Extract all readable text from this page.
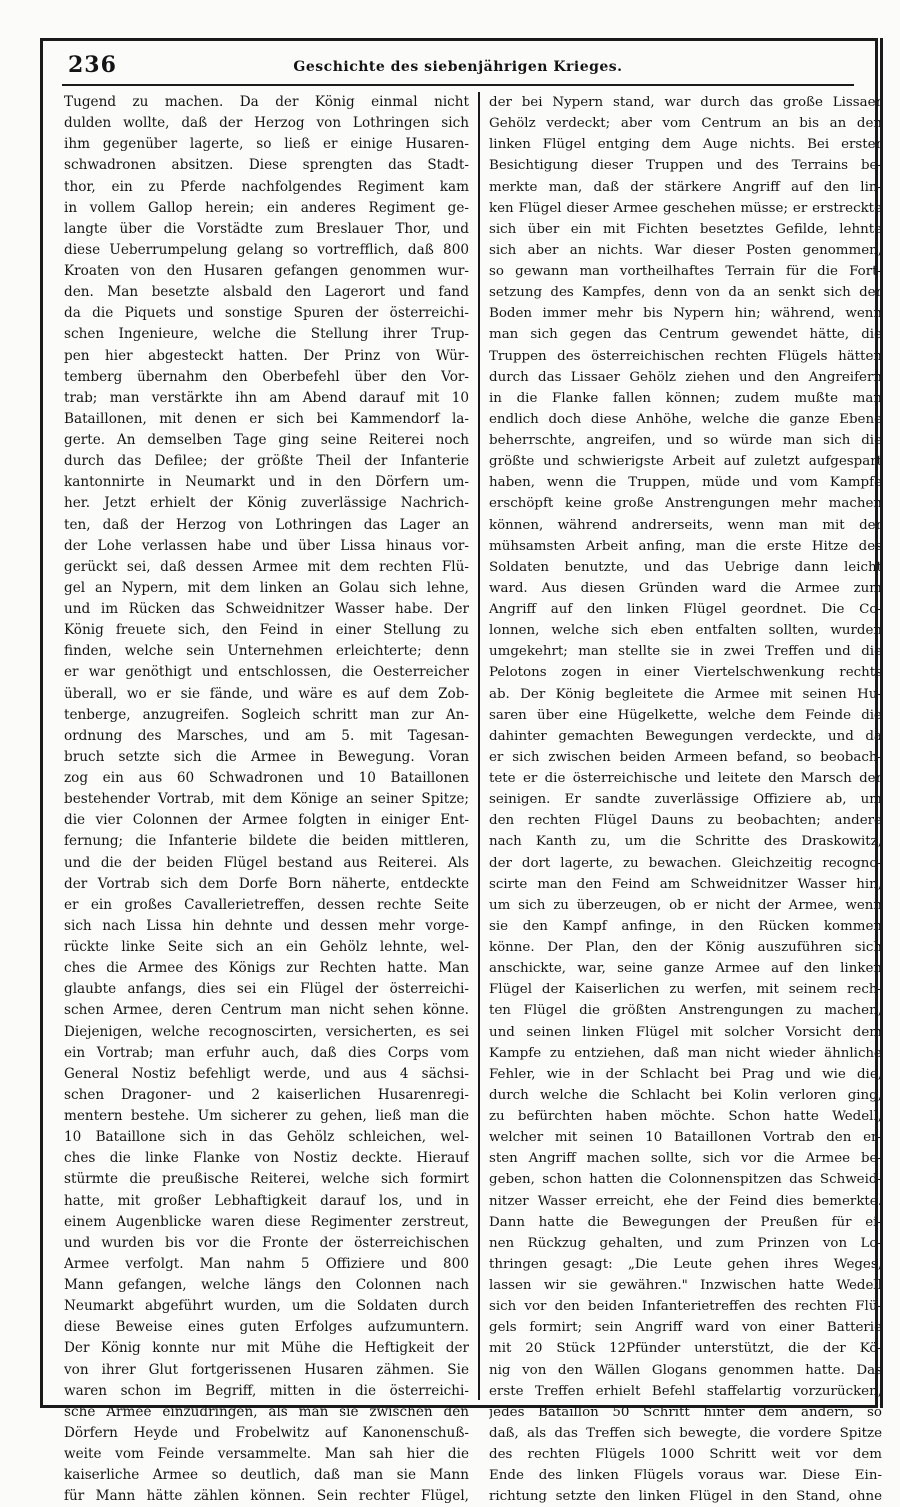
236	Geschichte des siebenjährigen Krieges.
Tugend zu machen. Da der König einmal nicht
dulden wollte, daß der Herzog von Lothringen sich
ihm gegenüber lagerte, so ließ er einige Husaren-
schwadronen absitzen. Diese sprengten das Stadt-
thor, ein zu Pferde nachfolgendes Regiment kam
in vollem Gallop herein; ein anderes Regiment ge-
langte über die Vorstädte zum Breslauer Thor, und
diese Ueberrumpelung gelang so vortrefflich, daß 800
Kroaten von den Husaren gefangen genommen wur-
den. Man besetzte alsbald den Lagerort und fand
da die Piquets und sonstige Spuren der österreichi-
schen Ingenieure, welche die Stellung ihrer Trup-
pen hier abgesteckt hatten. Der Prinz von Wür-
temberg übernahm den Oberbefehl über den Vor-
trab; man verstärkte ihn am Abend darauf mit 10
Bataillonen, mit denen er sich bei Kammendorf la-
gerte. An demselben Tage ging seine Reiterei noch
durch das Defilee; der größte Theil der Infanterie
kantonnirte in Neumarkt und in den Dörfern um-
her. Jetzt erhielt der König zuverlässige Nachrich-
ten, daß der Herzog von Lothringen das Lager an
der Lohe verlassen habe und über Lissa hinaus vor-
gerückt sei, daß dessen Armee mit dem rechten Flü-
gel an Nypern, mit dem linken an Golau sich lehne,
und im Rücken das Schweidnitzer Wasser habe. Der
König freuete sich, den Feind in einer Stellung zu
finden, welche sein Unternehmen erleichterte; denn
er war genöthigt und entschlossen, die Oesterreicher
überall, wo er sie fände, und wäre es auf dem Zob-
tenberge, anzugreifen. Sogleich schritt man zur An-
ordnung des Marsches, und am 5. mit Tagesan-
bruch setzte sich die Armee in Bewegung. Voran
zog ein aus 60 Schwadronen und 10 Bataillonen
bestehender Vortrab, mit dem Könige an seiner Spitze;
die vier Colonnen der Armee folgten in einiger Ent-
fernung; die Infanterie bildete die beiden mittleren,
und die der beiden Flügel bestand aus Reiterei. Als
der Vortrab sich dem Dorfe Born näherte, entdeckte
er ein großes Cavallerietreffen, dessen rechte Seite
sich nach Lissa hin dehnte und dessen mehr vorge-
rückte linke Seite sich an ein Gehölz lehnte, wel-
ches die Armee des Königs zur Rechten hatte. Man
glaubte anfangs, dies sei ein Flügel der österreichi-
schen Armee, deren Centrum man nicht sehen könne.
Diejenigen, welche recognoscirten, versicherten, es sei
ein Vortrab; man erfuhr auch, daß dies Corps vom
General Nostiz befehligt werde, und aus 4 sächsi-
schen Dragoner- und 2 kaiserlichen Husarenregi-
mentern bestehe. Um sicherer zu gehen, ließ man die
10 Bataillone sich in das Gehölz schleichen, wel-
ches die linke Flanke von Nostiz deckte. Hierauf
stürmte die preußische Reiterei, welche sich formirt
hatte, mit großer Lebhaftigkeit darauf los, und in
einem Augenblicke waren diese Regimenter zerstreut,
und wurden bis vor die Fronte der österreichischen
Armee verfolgt. Man nahm 5 Offiziere und 800
Mann gefangen, welche längs den Colonnen nach
Neumarkt abgeführt wurden, um die Soldaten durch
diese Beweise eines guten Erfolges aufzumuntern.
Der König konnte nur mit Mühe die Heftigkeit der
von ihrer Glut fortgerissenen Husaren zähmen. Sie
waren schon im Begriff, mitten in die österreichi-
sche Armee einzudringen, als man sie zwischen den
Dörfern Heyde und Frobelwitz auf Kanonenschuß-
weite vom Feinde versammelte. Man sah hier die
kaiserliche Armee so deutlich, daß man sie Mann
für Mann hätte zählen können. Sein rechter Flügel,
der bei Nypern stand, war durch das große Lissaer
Gehölz verdeckt; aber vom Centrum an bis an den
linken Flügel entging dem Auge nichts. Bei erster
Besichtigung dieser Truppen und des Terrains be-
merkte man, daß der stärkere Angriff auf den lin-
ken Flügel dieser Armee geschehen müsse; er erstreckte
sich über ein mit Fichten besetztes Gefilde, lehnte
sich aber an nichts. War dieser Posten genommen,
so gewann man vortheilhaftes Terrain für die Fort-
setzung des Kampfes, denn von da an senkt sich der
Boden immer mehr bis Nypern hin; während, wenn
man sich gegen das Centrum gewendet hätte, die
Truppen des österreichischen rechten Flügels hätten
durch das Lissaer Gehölz ziehen und den Angreifern
in die Flanke fallen können; zudem mußte man
endlich doch diese Anhöhe, welche die ganze Ebene
beherrschte, angreifen, und so würde man sich die
größte und schwierigste Arbeit auf zuletzt aufgespart
haben, wenn die Truppen, müde und vom Kampfe
erschöpft keine große Anstrengungen mehr machen
können, während andrerseits, wenn man mit der
mühsamsten Arbeit anfing, man die erste Hitze des
Soldaten benutzte, und das Uebrige dann leicht
ward. Aus diesen Gründen ward die Armee zum
Angriff auf den linken Flügel geordnet. Die Co-
lonnen, welche sich eben entfalten sollten, wurden
umgekehrt; man stellte sie in zwei Treffen und die
Pelotons zogen in einer Viertelschwenkung rechts
ab. Der König begleitete die Armee mit seinen Hu-
saren über eine Hügelkette, welche dem Feinde die
dahinter gemachten Bewegungen verdeckte, und da
er sich zwischen beiden Armeen befand, so beobach-
tete er die österreichische und leitete den Marsch der
seinigen. Er sandte zuverlässige Offiziere ab, um
den rechten Flügel Dauns zu beobachten; andere
nach Kanth zu, um die Schritte des Draskowitz,
der dort lagerte, zu bewachen. Gleichzeitig recogno-
scirte man den Feind am Schweidnitzer Wasser hin,
um sich zu überzeugen, ob er nicht der Armee, wenn
sie den Kampf anfinge, in den Rücken kommen
könne. Der Plan, den der König auszuführen sich
anschickte, war, seine ganze Armee auf den linken
Flügel der Kaiserlichen zu werfen, mit seinem rech-
ten Flügel die größten Anstrengungen zu machen,
und seinen linken Flügel mit solcher Vorsicht dem
Kampfe zu entziehen, daß man nicht wieder ähnliche
Fehler, wie in der Schlacht bei Prag und wie die,
durch welche die Schlacht bei Kolin verloren ging,
zu befürchten haben möchte. Schon hatte Wedell,
welcher mit seinen 10 Bataillonen Vortrab den er-
sten Angriff machen sollte, sich vor die Armee be-
geben, schon hatten die Colonnenspitzen das Schweid-
nitzer Wasser erreicht, ehe der Feind dies bemerkte.
Dann hatte die Bewegungen der Preußen für ei-
nen Rückzug gehalten, und zum Prinzen von Lo-
thringen gesagt: „Die Leute gehen ihres Weges,
lassen wir sie gewähren." Inzwischen hatte Wedell
sich vor den beiden Infanterietreffen des rechten Flü-
gels formirt; sein Angriff ward von einer Batterie
mit 20 Stück 12Pfünder unterstützt, die der Kö-
nig von den Wällen Glogans genommen hatte. Das
erste Treffen erhielt Befehl staffelartig vorzurücken,
jedes Bataillon 50 Schritt hinter dem andern, so
daß, als das Treffen sich bewegte, die vordere Spitze
des rechten Flügels 1000 Schritt weit vor dem
Ende des linken Flügels voraus war. Diese Ein-
richtung setzte den linken Flügel in den Stand, ohne
